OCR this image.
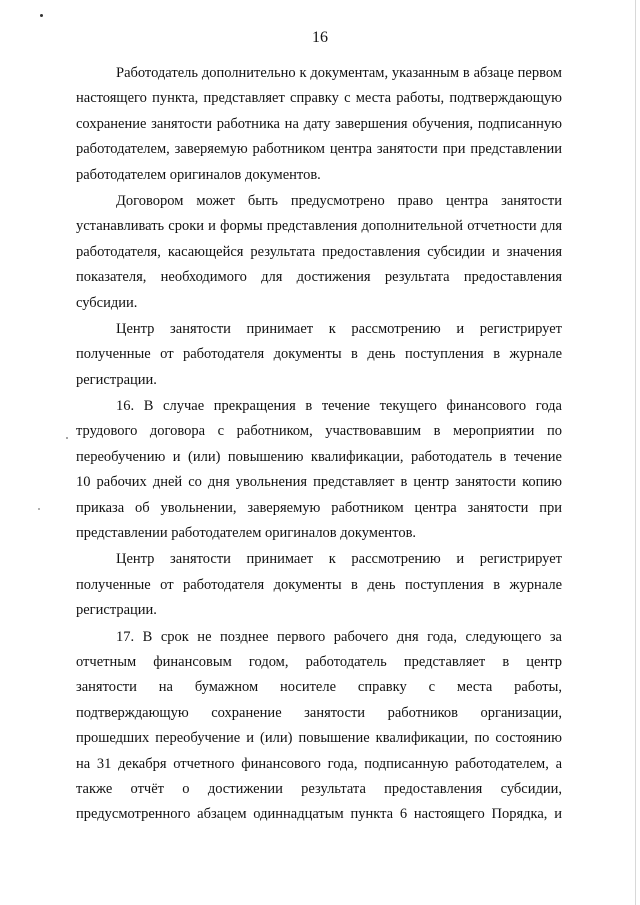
16
Работодатель дополнительно к документам, указанным в абзаце первом
настоящего пункта, представляет справку с места работы, подтверждающую
сохранение занятости работника на дату завершения обучения, подписанную
работодателем, заверяемую работником центра занятости при представлении
работодателем оригиналов документов.
Договором может быть предусмотрено право центра занятости
устанавливать сроки и формы представления дополнительной отчетности для
работодателя, касающейся результата предоставления субсидии и значения
показателя, необходимого для достижения результата предоставления
субсидии.
Центр занятости принимает к рассмотрению и регистрирует
полученные от работодателя документы в день поступления в журнале
регистрации.
16. В случае прекращения в течение текущего финансового года
трудового договора с работником, участвовавшим в мероприятии по
переобучению и (или) повышению квалификации, работодатель в течение
10 рабочих дней со дня увольнения представляет в центр занятости копию
приказа об увольнении, заверяемую работником центра занятости при
представлении работодателем оригиналов документов.
Центр занятости принимает к рассмотрению и регистрирует
полученные от работодателя документы в день поступления в журнале
регистрации.
17. В срок не позднее первого рабочего дня года, следующего за
отчетным финансовым годом, работодатель представляет в центр
занятости на бумажном носителе справку с места работы,
подтверждающую сохранение занятости работников организации,
прошедших переобучение и (или) повышение квалификации, по состоянию
на 31 декабря отчетного финансового года, подписанную работодателем, а
также отчёт о достижении результата предоставления субсидии,
предусмотренного абзацем одиннадцатым пункта 6 настоящего Порядка, и
